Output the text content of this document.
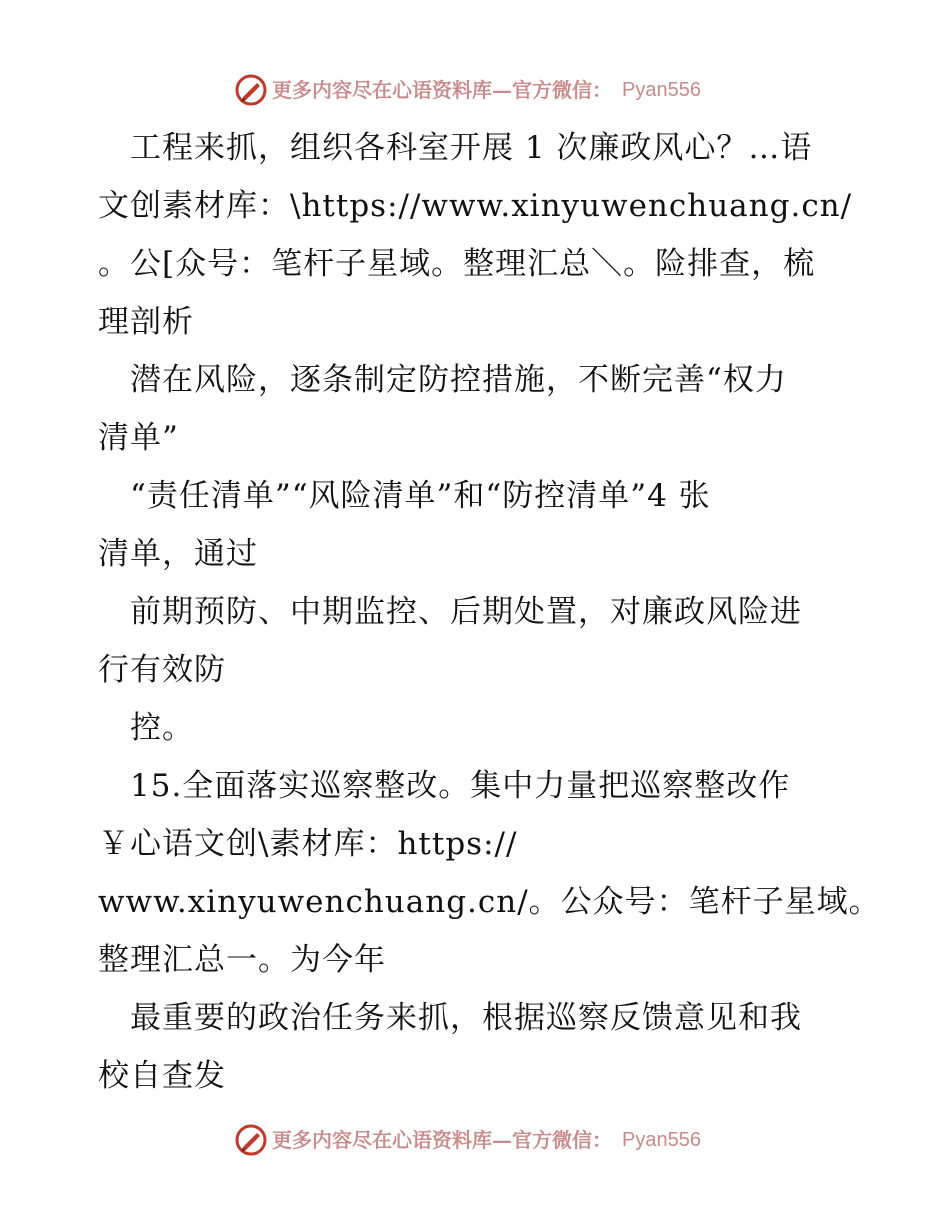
更多内容尽在心语资料库—官方微信： Pyan556
　工程来抓，组织各科室开展 1 次廉政风心？…语
文创素材库：\https://www.xinyuwenchuang.cn/
。公[众号：笔杆子星域。整理汇总＼。险排查，梳
理剖析
　潜在风险，逐条制定防控措施，不断完善“权力
清单”
　“责任清单”“风险清单”和“防控清单”4 张
清单，通过
　前期预防、中期监控、后期处置，对廉政风险进
行有效防
　控。
　15.全面落实巡察整改。集中力量把巡察整改作
￥心语文创\素材库：https://
www.xinyuwenchuang.cn/。公众号：笔杆子星域。
整理汇总一。为今年
　最重要的政治任务来抓，根据巡察反馈意见和我
校自查发
更多内容尽在心语资料库—官方微信： Pyan556
